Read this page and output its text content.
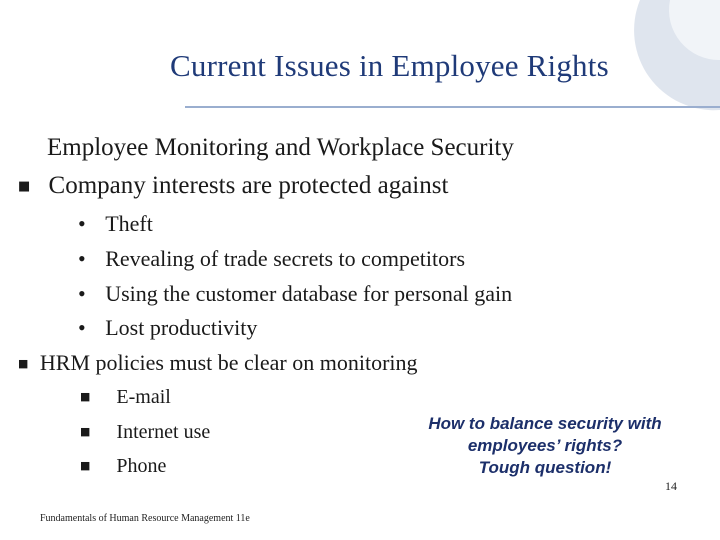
Current Issues in Employee Rights
Employee Monitoring and Workplace Security
■ Company interests are protected against
• Theft
• Revealing of trade secrets to competitors
• Using the customer database for personal gain
• Lost productivity
■ HRM policies must be clear on monitoring
■ E-mail
■ Internet use
■ Phone
How to balance security with
employees’ rights?
Tough question!
Fundamentals of Human Resource Management 11e
14
